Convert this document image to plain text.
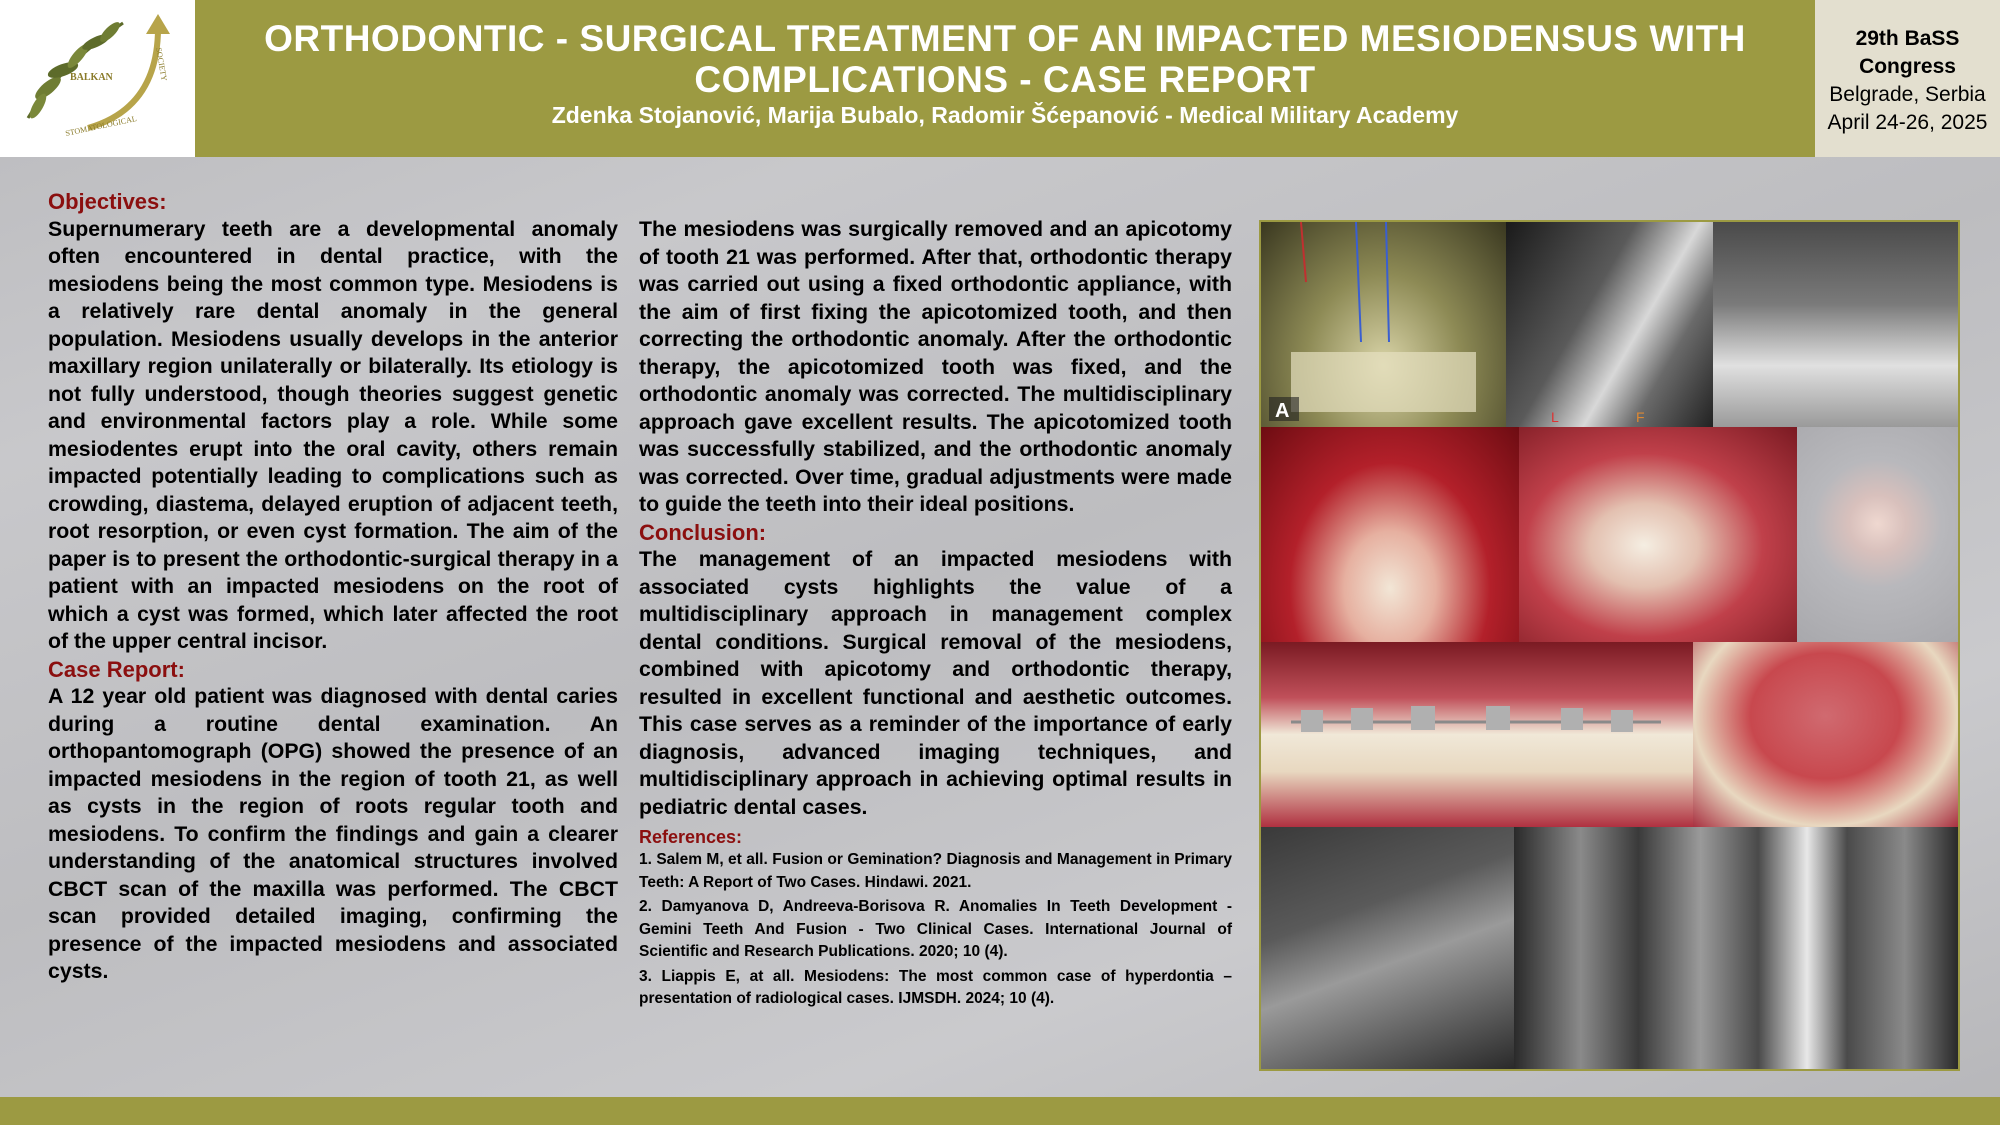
BALKAN
STOMATOLOGICAL
SOCIETY
ORTHODONTIC - SURGICAL TREATMENT OF AN IMPACTED MESIODENSUS WITH
COMPLICATIONS - CASE REPORT
Zdenka Stojanović, Marija Bubalo, Radomir Šćepanović - Medical Military Academy
29th BaSS
Congress
Belgrade, Serbia
April 24-26, 2025
Objectives:

Supernumerary teeth are a developmental anomaly often encountered in dental practice, with the mesiodens being the most common type. Mesiodens is a relatively rare dental anomaly in the general population. Mesiodens usually develops in the anterior maxillary region unilaterally or bilaterally. Its etiology is not fully understood, though theories suggest genetic and environmental factors play a role. While some mesiodentes erupt into the oral cavity, others remain impacted potentially leading to complications such as crowding, diastema, delayed eruption of adjacent teeth, root resorption, or even cyst formation. The aim of the paper is to present the orthodontic-surgical therapy in a patient with an impacted mesiodens on the root of which a cyst was formed, which later affected the root of the upper central incisor.

Case Report:

A 12 year old patient was diagnosed with dental caries during a routine dental examination. An orthopantomograph (OPG) showed the presence of an impacted mesiodens in the region of tooth 21, as well as cysts in the region of roots regular tooth and mesiodens. To confirm the findings and gain a clearer understanding of the anatomical structures involved CBCT scan of the maxilla was performed. The CBCT scan provided detailed imaging, confirming the presence of the impacted mesiodens and associated cysts.

The mesiodens was surgically removed and an apicotomy of tooth 21 was performed. After that, orthodontic therapy was carried out using a fixed orthodontic appliance, with the aim of first fixing the apicotomized tooth, and then correcting the orthodontic anomaly. After the orthodontic therapy, the apicotomized tooth was fixed, and the orthodontic anomaly was corrected. The multidisciplinary approach gave excellent results. The apicotomized tooth was successfully stabilized, and the orthodontic anomaly was corrected. Over time, gradual adjustments were made to guide the teeth into their ideal positions.

Conclusion:

The management of an impacted mesiodens with associated cysts highlights the value of a multidisciplinary approach in management complex dental conditions. Surgical removal of the mesiodens, combined with apicotomy and orthodontic therapy, resulted in excellent functional and aesthetic outcomes. This case serves as a reminder of the importance of early diagnosis, advanced imaging techniques, and multidisciplinary approach in achieving optimal results in pediatric dental cases.

References:

1. Salem M, et all. Fusion or Gemination? Diagnosis and Management in Primary Teeth: A Report of Two Cases. Hindawi. 2021.

2. Damyanova D, Andreeva-Borisova R. Anomalies In Teeth Development - Gemini Teeth And Fusion - Two Clinical Cases. International Journal of Scientific and Research Publications. 2020; 10 (4).

3. Liappis E, at all. Mesiodens: The most common case of hyperdontia – presentation of radiological cases. IJMSDH. 2024; 10 (4).

A	L	F
